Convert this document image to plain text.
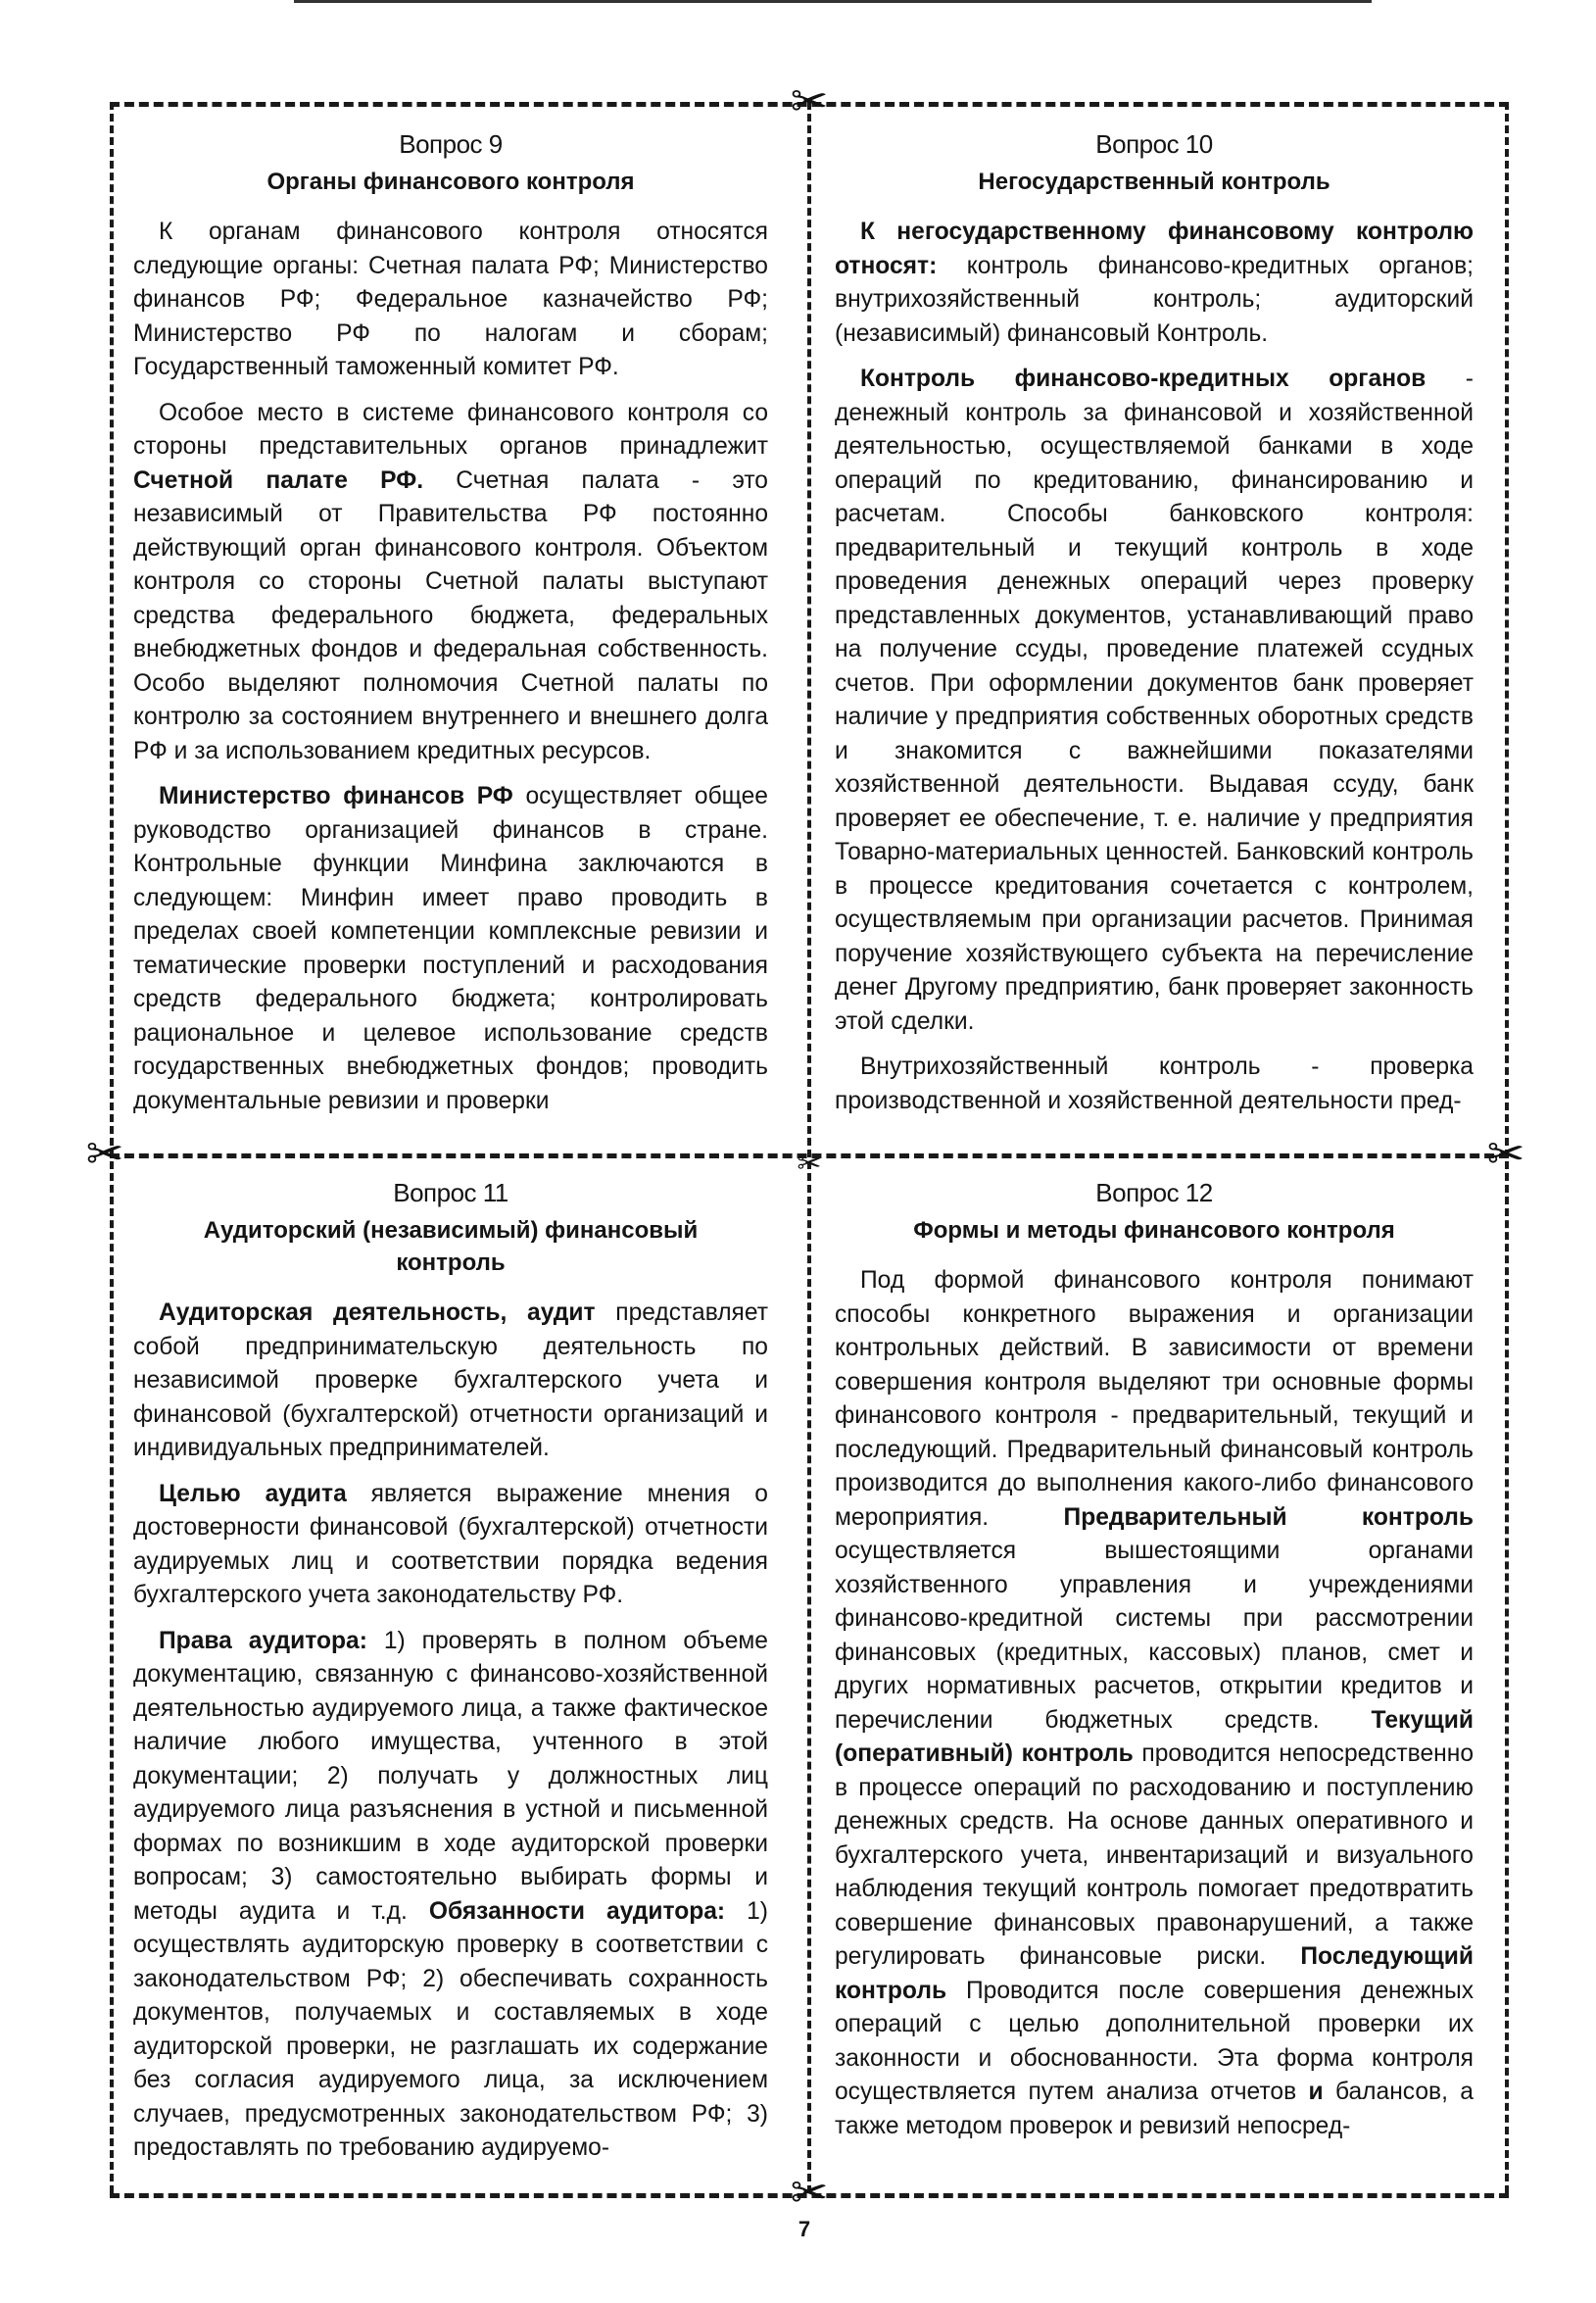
✂
✂	✂
✂
✂
Вопрос 9
Органы финансового контроля

К органам финансового контроля относятся следующие органы: Счетная палата РФ; Министерство финансов РФ; Федеральное казначейство РФ; Министерство РФ по налогам и сборам; Государственный таможенный комитет РФ.

Особое место в системе финансового контроля со стороны представительных органов принадлежит Счетной палате РФ. Счетная палата - это независимый от Правительства РФ постоянно действующий орган финансового контроля. Объектом контроля со стороны Счетной палаты выступают средства федерального бюджета, федеральных внебюджетных фондов и федеральная собственность. Особо выделяют полномочия Счетной палаты по контролю за состоянием внутреннего и внешнего долга РФ и за использованием кредитных ресурсов.

Министерство финансов РФ осуществляет общее руководство организацией финансов в стране. Контрольные функции Минфина заключаются в следующем: Минфин имеет право проводить в пределах своей компетенции комплексные ревизии и тематические проверки поступлений и расходования средств федерального бюджета; контролировать рациональное и целевое использование средств государственных внебюджетных фондов; проводить документальные ревизии и проверки

Вопрос 10
Негосударственный контроль

К негосударственному финансовому контролю относят: контроль финансово-кредитных органов; внутрихозяйственный контроль; аудиторский (независимый) финансовый Контроль.

Контроль финансово-кредитных органов - денежный контроль за финансовой и хозяйственной деятельностью, осуществляемой банками в ходе операций по кредитованию, финансированию и расчетам. Способы банковского контроля: предварительный и текущий контроль в ходе проведения денежных операций через проверку представленных документов, устанавливающий право на получение ссуды, проведение платежей ссудных счетов. При оформлении документов банк проверяет наличие у предприятия собственных оборотных средств и знакомится с важнейшими показателями хозяйственной деятельности. Выдавая ссуду, банк проверяет ее обеспечение, т. е. наличие у предприятия Товарно-материальных ценностей. Банковский контроль в процессе кредитования сочетается с контролем, осуществляемым при организации расчетов. Принимая поручение хозяйствующего субъекта на перечисление денег Другому предприятию, банк проверяет законность этой сделки.

Внутрихозяйственный контроль - проверка производственной и хозяйственной деятельности пред-

Вопрос 11
Аудиторский (независимый) финансовый контроль

Аудиторская деятельность, аудит представляет собой предпринимательскую деятельность по независимой проверке бухгалтерского учета и финансовой (бухгалтерской) отчетности организаций и индивидуальных предпринимателей.

Целью аудита является выражение мнения о достоверности финансовой (бухгалтерской) отчетности аудируемых лиц и соответствии порядка ведения бухгалтерского учета законодательству РФ.

Права аудитора: 1) проверять в полном объеме документацию, связанную с финансово-хозяйственной деятельностью аудируемого лица, а также фактическое наличие любого имущества, учтенного в этой документации; 2) получать у должностных лиц аудируемого лица разъяснения в устной и письменной формах по возникшим в ходе аудиторской проверки вопросам; 3) самостоятельно выбирать формы и методы аудита и т.д. Обязанности аудитора: 1) осуществлять аудиторскую проверку в соответствии с законодательством РФ; 2) обеспечивать сохранность документов, получаемых и составляемых в ходе аудиторской проверки, не разглашать их содержание без согласия аудируемого лица, за исключением случаев, предусмотренных законодательством РФ; 3) предоставлять по требованию аудируемо-

Вопрос 12
Формы и методы финансового контроля

Под формой финансового контроля понимают способы конкретного выражения и организации контрольных действий. В зависимости от времени совершения контроля выделяют три основные формы финансового контроля - предварительный, текущий и последующий. Предварительный финансовый контроль производится до выполнения какого-либо финансового мероприятия.	Предварительный контроль осуществляется вышестоящими органами хозяйственного управления и учреждениями финансово-кредитной системы при рассмотрении финансовых (кредитных, кассовых) планов, смет и других нормативных расчетов, открытии кредитов и перечислении бюджетных средств. Текущий (оперативный) контроль проводится непосредственно в процессе операций по расходованию и поступлению денежных средств. На основе данных оперативного и бухгалтерского учета, инвентаризаций и визуального наблюдения текущий контроль помогает предотвратить совершение финансовых правонарушений, а также регулировать финансовые риски. Последующий контроль Проводится после совершения денежных операций с целью дополнительной проверки их законности и обоснованности. Эта форма контроля осуществляется путем анализа отчетов и балансов, а также методом проверок и ревизий непосред-

7
